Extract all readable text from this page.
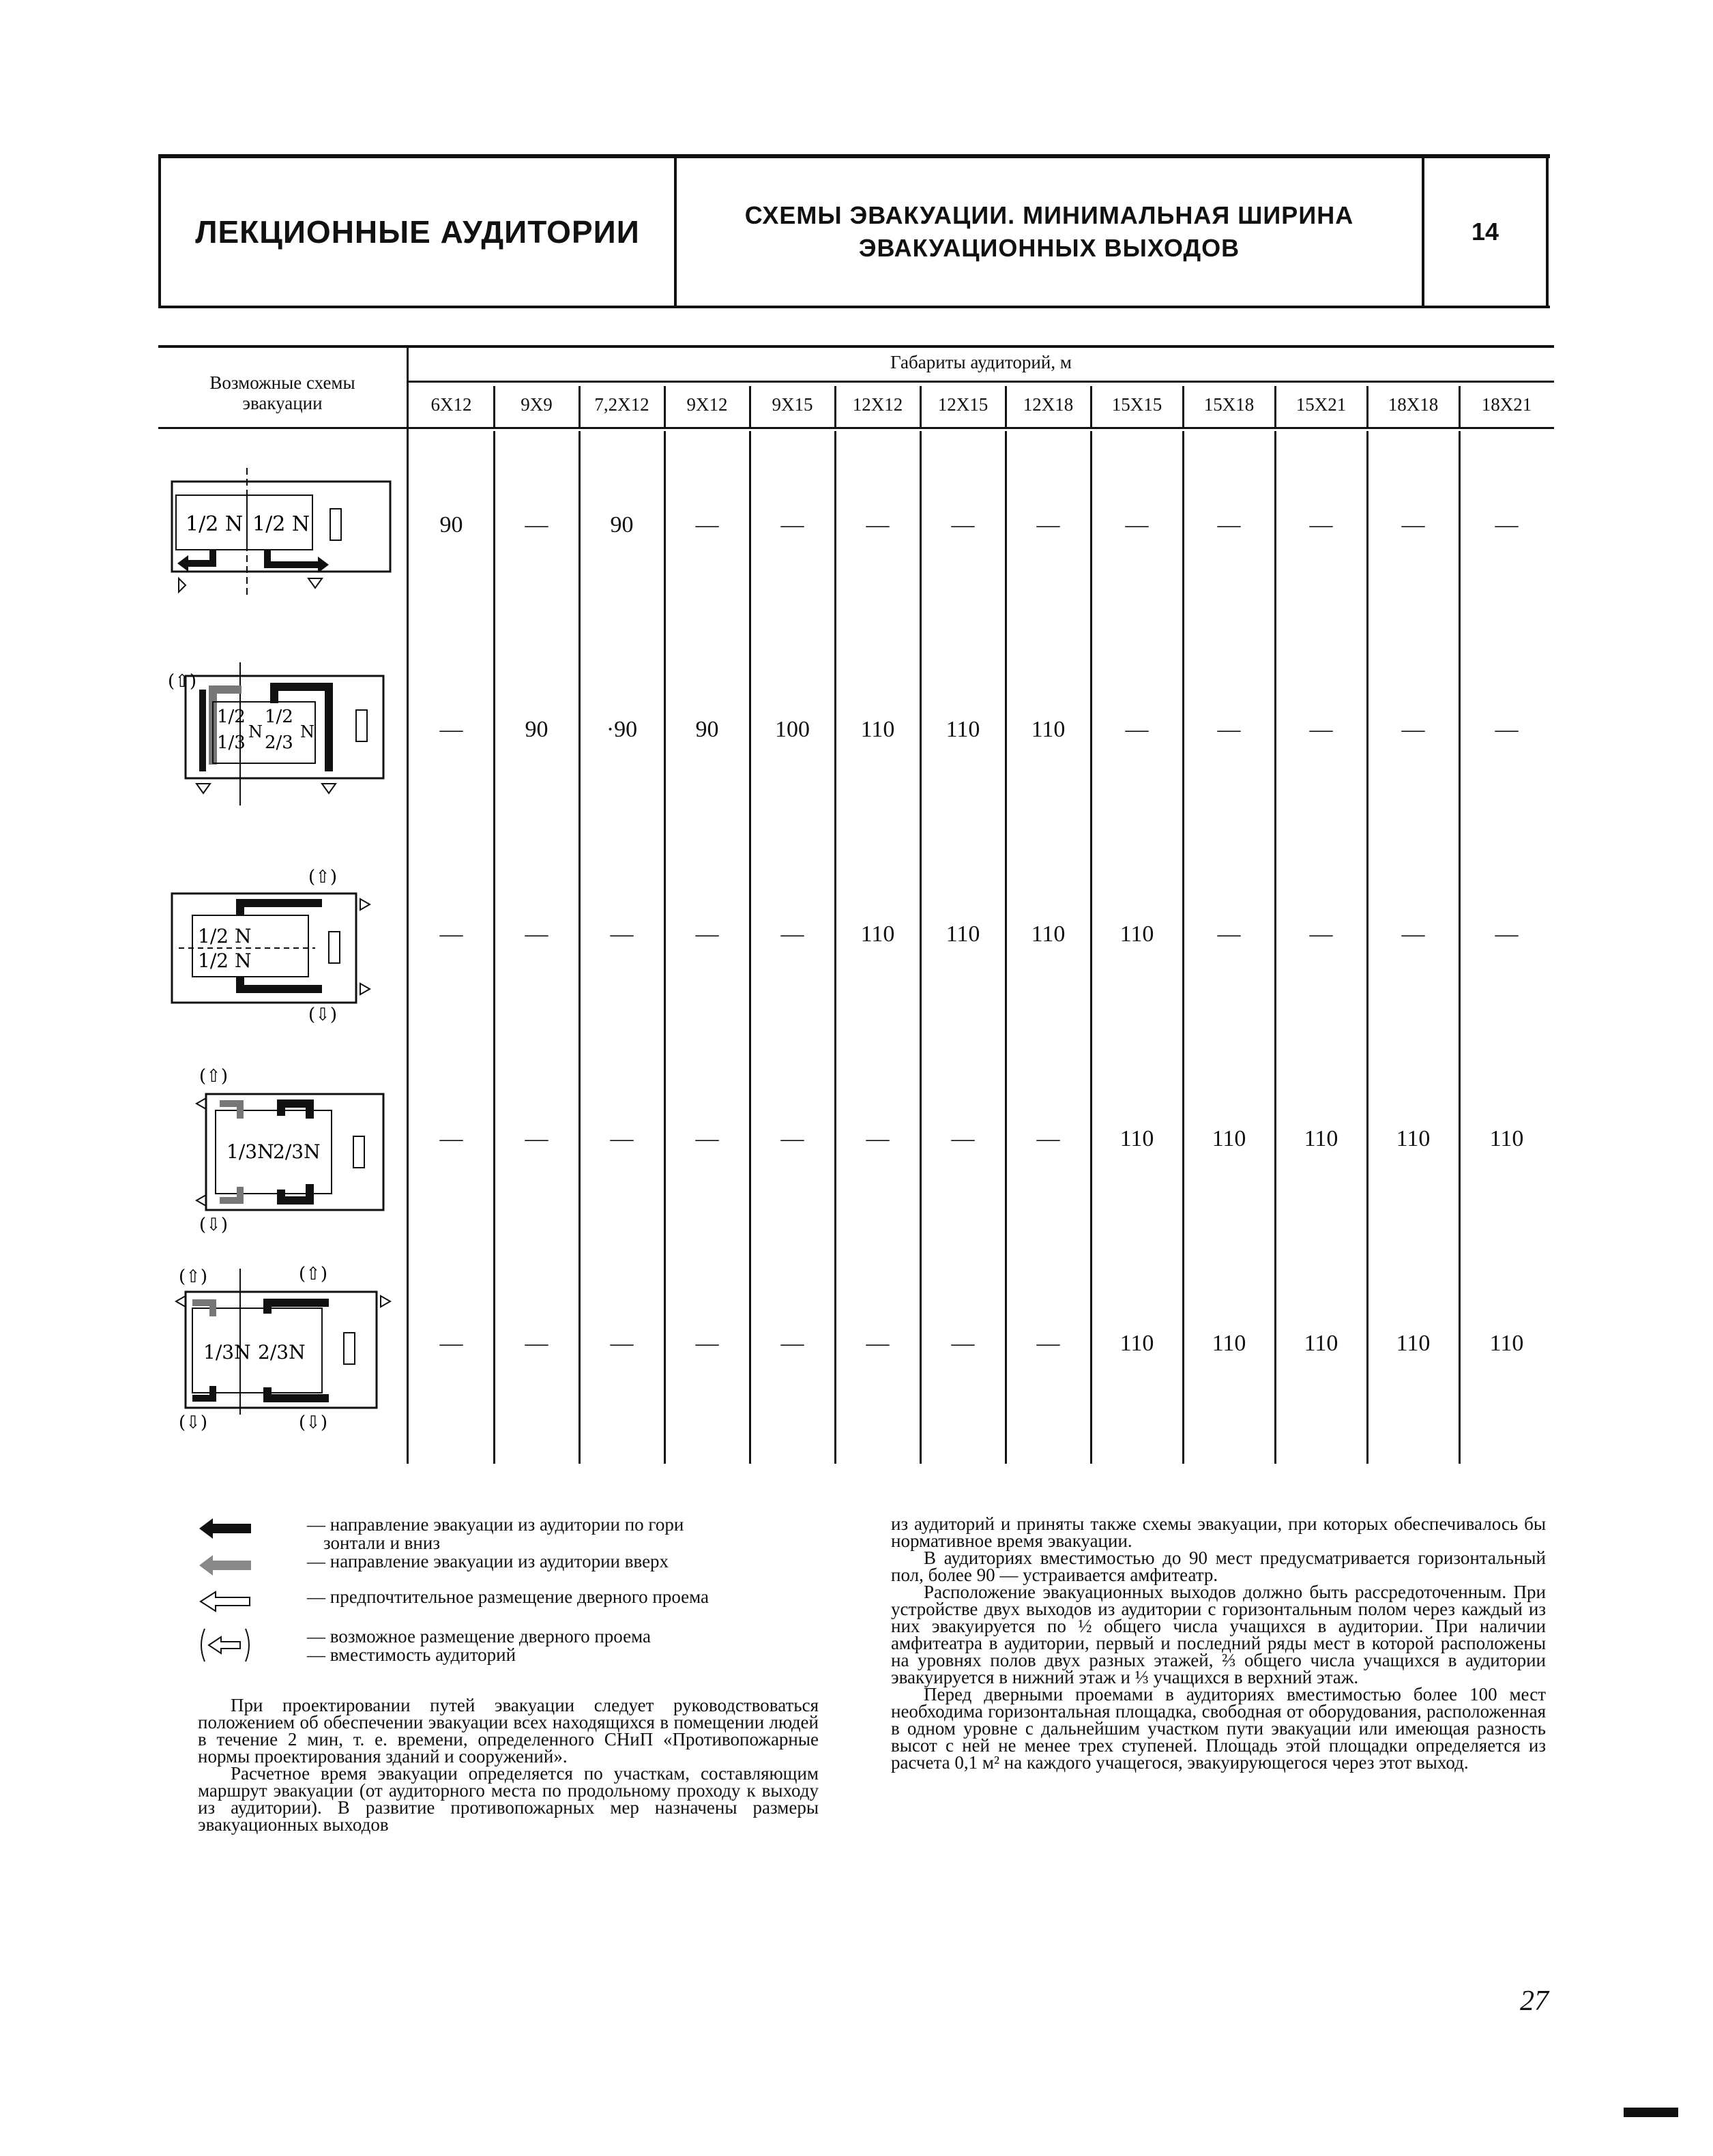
ЛЕКЦИОННЫЕ АУДИТОРИИ	СХЕМЫ ЭВАКУАЦИИ. МИНИМАЛЬНАЯ ШИРИНА
ЭВАКУАЦИОННЫХ ВЫХОДОВ
14
Возможные схемы
эвакуации
Габариты аудиторий, м
6X12	9X9	7,2X12	9X12	9X15	12X12	12X15	12X18	15X15	15X18	15X21	18X18	18X21
90	—	90	—	—	—	—	—	—	—	—	—	—
—	90	·90	90	100	110	110	110	—	—	—	—	—
—	—	—	—	—	110	110	110	110	—	—	—	—
—	—	—	—	—	—	—	—	110	110	110	110	110
—	—	—	—	—	—	—	—	110	110	110	110	110
1/2 N 1/2 N
(⇧)
1/2 1/2
1/3
N
2/3
N
(⇧)
1/2 N
1/2 N
(⇩)
(⇧)
1/3N
2/3N
(⇩)
(⇧)	(⇧)
1/3N 2/3N
(⇩)	(⇩)
— направление эвакуации из аудитории по гори
зонтали и вниз
— направление эвакуации из аудитории вверх
— предпочтительное размещение дверного проема
— возможное размещение дверного проема
— вместимость аудиторий

При проектировании путей эвакуации следует руководствоваться положением об обеспечении эвакуации всех находящихся в помещении людей в течение 2 мин, т. е. времени, определенного СНиП «Противопожарные нормы проектирования зданий и сооружений».

Расчетное время эвакуации определяется по участкам, составляющим маршрут эвакуации (от аудиторного места по продольному проходу к выходу из аудитории). В развитие противопожарных мер назначены размеры эвакуационных выходов

из аудиторий и приняты также схемы эвакуации, при которых обеспечивалось бы нормативное время эвакуации.

В аудиториях вместимостью до 90 мест предусматривается горизонтальный пол, более 90 — устраивается амфитеатр.

Расположение эвакуационных выходов должно быть рассредоточенным. При устройстве двух выходов из аудитории с горизонтальным полом через каждый из них эвакуируется по ½ общего числа учащихся в аудитории. При наличии амфитеатра в аудитории, первый и последний ряды мест в которой расположены на уровнях полов двух разных этажей, ⅔ общего числа учащихся в аудитории эвакуируется в нижний этаж и ⅓ учащихся в верхний этаж.

Перед дверными проемами в аудиториях вместимостью более 100 мест необходима горизонтальная площадка, свободная от оборудования, расположенная в одном уровне с дальнейшим участком пути эвакуации или имеющая разность высот с ней не менее трех ступеней. Площадь этой площадки определяется из расчета 0,1 м² на каждого учащегося, эвакуирующегося через этот выход.

27
